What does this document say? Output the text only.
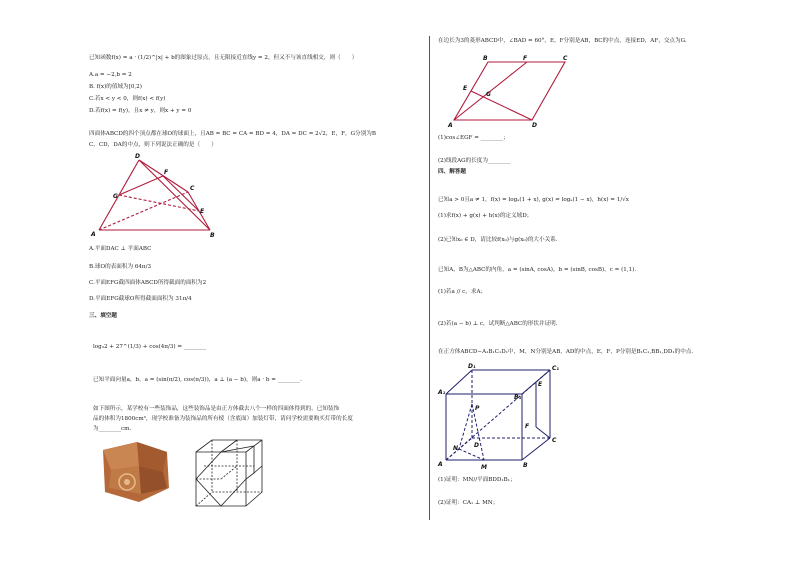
已知函数f(x) = a · (1/2)^|x| + b的图象过原点，且无限接近直线y = 2，但又不与该直线相交，则（　　）
A.a = −2,b = 2
B. f(x)的值域为[0,2)
C.若x < y < 0，则f(x) < f(y)
D.若f(x) = f(y)，且x ≠ y，则x + y = 0
四面体ABCD的四个顶点都在球O的球面上，且AB = BC = CA = BD = 4，DA = DC = 2√2，E，F，G分别为B
C，CD，DA的中点，则下列说法正确的是（　　）
D
G
F
C
E
A	B
A.平面DAC ⊥ 平面ABC
B.球O的表面积为 64π/3
C.平面EFG截四面体ABCD所得截面的面积为2
D.平面EFG截球O所得截面面积为 31π/4
三、填空题
log₃2 + 27^(1/3) + cos(4π/3) = ________
已知平面向量a，b，a = (sin(π/2), cos(π/3))，a ⊥ (a − b)，则a · b = ________.
如下图所示，某学校有一些装饰品，这些装饰品是由正方体截去八个一样的四面体得到的，已知装饰
品的体积为1800cm³，现学校准备为装饰品的所有棱（含底面）加装灯带，请问学校需要购买灯带的长度
为________cm.
在边长为3的菱形ABCD中，∠BAD = 60°，E，F分别是AB，BC的中点，连接ED，AF，交点为G.
B	F	C
E
G
A	D
(1)cos∠EGF = ________；
(2)线段AG的长度为________
四、解答题
已知a > 0且a ≠ 1，f(x) = logₐ(1 + x), g(x) = logₐ(1 − x)，h(x) = 1/√x
(1)求f(x) + g(x) + h(x)的定义域D；
(2)已知x₀ ∈ D，请比较f(x₀)与g(x₀)的大小关系.
已知A，B为△ABC的内角，a = (sinA, cosA)，b = (sinB, cosB)，c = (1,1).
(1)若a // c，求A；
(2)若(a − b) ⊥ c，试判断△ABC的形状并证明.
在正方体ABCD−A₁B₁C₁D₁中，M，N分别是AB，AD的中点，E，F，P分别是B₁C₁,BB₁,DD₁的中点.
D₁	C₁
A₁
B₁
E
F
P
N	D
C
A	M	B
(1)证明：MN//平面BDD₁B₁；
(2)证明：CA₁ ⊥ MN；
